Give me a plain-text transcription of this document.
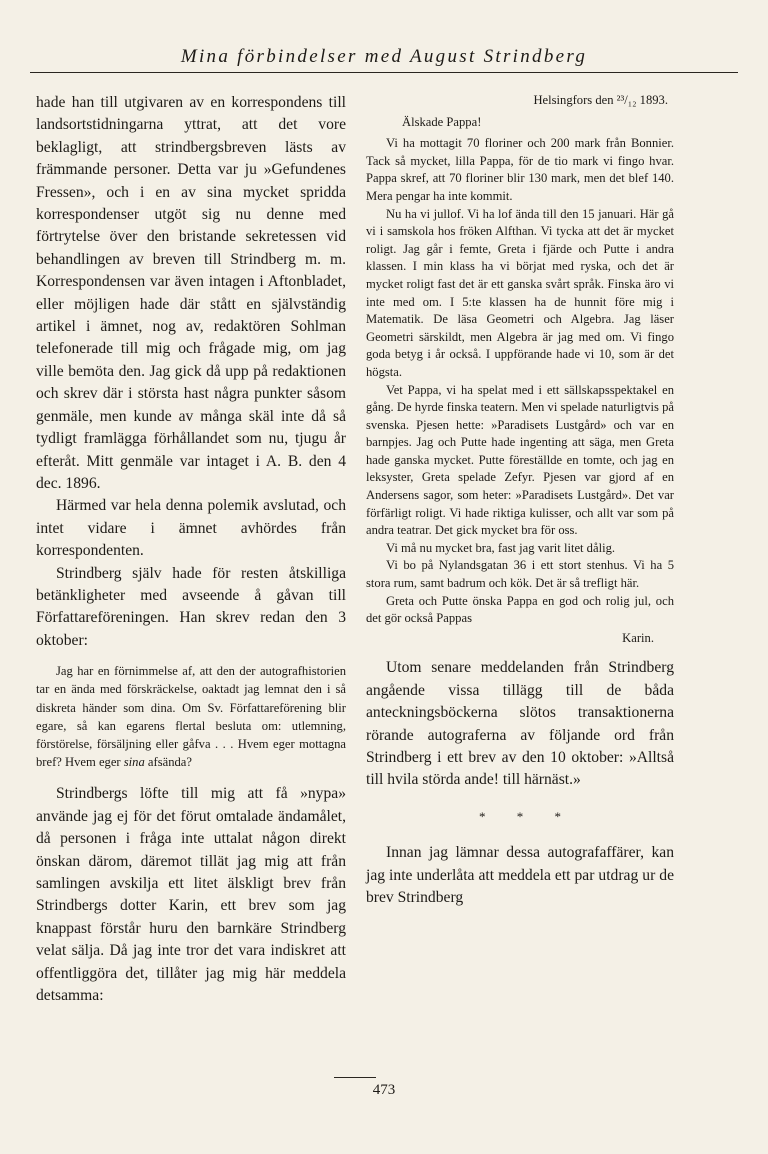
Mina förbindelser med August Strindberg

hade han till utgivaren av en korrespondens till landsortstidningarna yttrat, att det vore beklagligt, att strindbergsbreven lästs av främmande personer. Detta var ju »Gefundenes Fressen», och i en av sina mycket spridda korrespondenser utgöt sig nu denne med förtrytelse över den bristande sekretessen vid behandlingen av breven till Strindberg m. m. Korrespondensen var även intagen i Aftonbladet, eller möjligen hade där stått en självständig artikel i ämnet, nog av, redaktören Sohlman telefonerade till mig och frågade mig, om jag ville bemöta den. Jag gick då upp på redaktionen och skrev där i största hast några punkter såsom genmäle, men kunde av många skäl inte då så tydligt framlägga förhållandet som nu, tjugu år efteråt. Mitt genmäle var intaget i A. B. den 4 dec. 1896.

Härmed var hela denna polemik avslutad, och intet vidare i ämnet avhördes från korrespondenten.

Strindberg själv hade för resten åtskilliga betänkligheter med avseende å gåvan till Författareföreningen. Han skrev redan den 3 oktober:

Jag har en förnimmelse af, att den der autografhistorien tar en ända med förskräckelse, oaktadt jag lemnat den i så diskreta händer som dina. Om Sv. Författareförening blir egare, så kan egarens flertal besluta om: utlemning, förstörelse, försäljning eller gåfva . . . Hvem eger mottagna bref? Hvem eger sina afsända?

Strindbergs löfte till mig att få »nypa» använde jag ej för det förut omtalade ändamålet, då personen i fråga inte uttalat någon direkt önskan därom, däremot tillät jag mig att från samlingen avskilja ett litet älskligt brev från Strindbergs dotter Karin, ett brev som jag knappast förstår huru den barnkäre Strindberg velat sälja. Då jag inte tror det vara indiskret att offentliggöra det, tillåter jag mig här meddela detsamma:

Helsingfors den ²³/₁₂ 1893.

Älskade Pappa!

Vi ha mottagit 70 floriner och 200 mark från Bonnier. Tack så mycket, lilla Pappa, för de tio mark vi fingo hvar. Pappa skref, att 70 floriner blir 130 mark, men det blef 140. Mera pengar ha inte kommit.

Nu ha vi jullof. Vi ha lof ända till den 15 januari. Här gå vi i samskola hos fröken Alfthan. Vi tycka att det är mycket roligt. Jag går i femte, Greta i fjärde och Putte i andra klassen. I min klass ha vi börjat med ryska, och det är mycket roligt fast det är ett ganska svårt språk. Finska äro vi inte med om. I 5:te klassen ha de hunnit före mig i Matematik. De läsa Geometri och Algebra. Jag läser Geometri särskildt, men Algebra är jag med om. Vi fingo goda betyg i år också. I uppförande hade vi 10, som är det högsta.

Vet Pappa, vi ha spelat med i ett sällskapsspektakel en gång. De hyrde finska teatern. Men vi spelade naturligtvis på svenska. Pjesen hette: »Paradisets Lustgård» och var en barnpjes. Jag och Putte hade ingenting att säga, men Greta hade ganska mycket. Putte föreställde en tomte, och jag en leksyster, Greta spelade Zefyr. Pjesen var gjord af en Andersens sagor, som heter: »Paradisets Lustgård». Det var förfärligt roligt. Vi hade riktiga kulisser, och allt var som på andra teatrar. Det gick mycket bra för oss.

Vi må nu mycket bra, fast jag varit litet dålig.

Vi bo på Nylandsgatan 36 i ett stort stenhus. Vi ha 5 stora rum, samt badrum och kök. Det är så trefligt här.

Greta och Putte önska Pappa en god och rolig jul, och det gör också Pappas

Karin.

Utom senare meddelanden från Strindberg angående vissa tillägg till de båda anteckningsböckerna slötos transaktionerna rörande autograferna av följande ord från Strindberg i ett brev av den 10 oktober: »Alltså till hvila störda ande! till härnäst.»

* * *

Innan jag lämnar dessa autografaffärer, kan jag inte underlåta att meddela ett par utdrag ur de brev Strindberg

473
